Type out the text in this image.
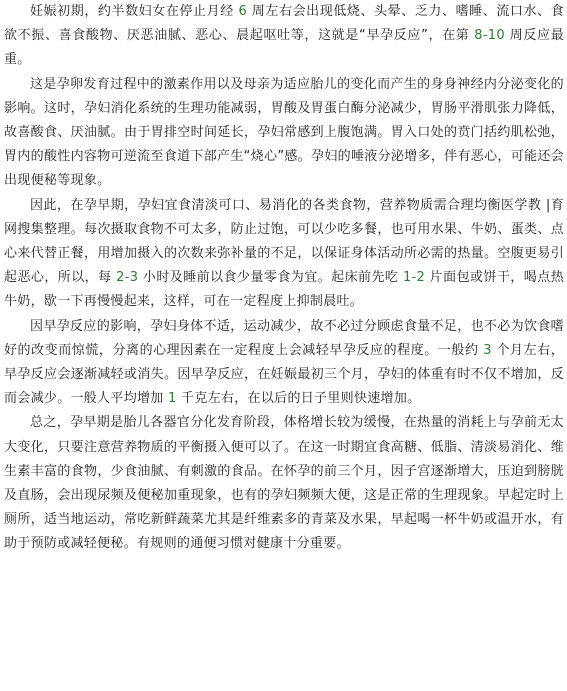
妊娠初期，约半数妇女在停止月经 6 周左右会出现低烧、头晕、乏力、嗜睡、流口水、食欲不振、喜食酸物、厌恶油腻、恶心、晨起呕吐等，这就是“早孕反应”，在第 8-10 周反应最重。

这是孕卵发育过程中的激素作用以及母亲为适应胎儿的变化而产生的身身神经内分泌变化的影响。这时，孕妇消化系统的生理功能减弱，胃酸及胃蛋白酶分泌减少，胃肠平滑肌张力降低，故喜酸食、厌油腻。由于胃排空时间延长，孕妇常感到上腹饱满。胃入口处的贲门括约肌松弛，胃内的酸性内容物可逆流至食道下部产生“烧心”感。孕妇的唾液分泌增多，伴有恶心，可能还会出现便秘等现象。

因此，在孕早期，孕妇宜食清淡可口、易消化的各类食物，营养物质需合理均衡医学教 |育网搜集整理。每次摄取食物不可太多，防止过饱，可以少吃多餐，也可用水果、牛奶、蛋类、点心来代替正餐，用增加摄入的次数来弥补量的不足，以保证身体活动所必需的热量。空腹更易引起恶心，所以，每 2-3 小时及睡前以食少量零食为宜。起床前先吃 1-2 片面包或饼干，喝点热牛奶，歇一下再慢慢起来，这样，可在一定程度上抑制晨吐。

因早孕反应的影响，孕妇身体不适，运动减少，故不必过分顾虑食量不足，也不必为饮食嗜好的改变而惊慌，分离的心理因素在一定程度上会减轻早孕反应的程度。一般约 3 个月左右，早孕反应会逐渐减轻或消失。因早孕反应，在妊娠最初三个月，孕妇的体重有时不仅不增加，反而会减少。一般人平均增加 1 千克左右，在以后的日子里则快速增加。

总之，孕早期是胎儿各器官分化发育阶段，体格增长较为缓慢，在热量的消耗上与孕前无太大变化，只要注意营养物质的平衡摄入便可以了。在这一时期宜食高糖、低脂、清淡易消化、维生素丰富的食物，少食油腻、有刺激的食品。在怀孕的前三个月，因子宫逐渐增大，压迫到膀胱及直肠，会出现尿频及便秘加重现象，也有的孕妇频频大便，这是正常的生理现象。早起定时上厕所，适当地运动，常吃新鲜蔬菜尤其是纤维素多的青菜及水果，早起喝一杯牛奶或温开水，有助于预防或减轻便秘。有规则的通便习惯对健康十分重要。
